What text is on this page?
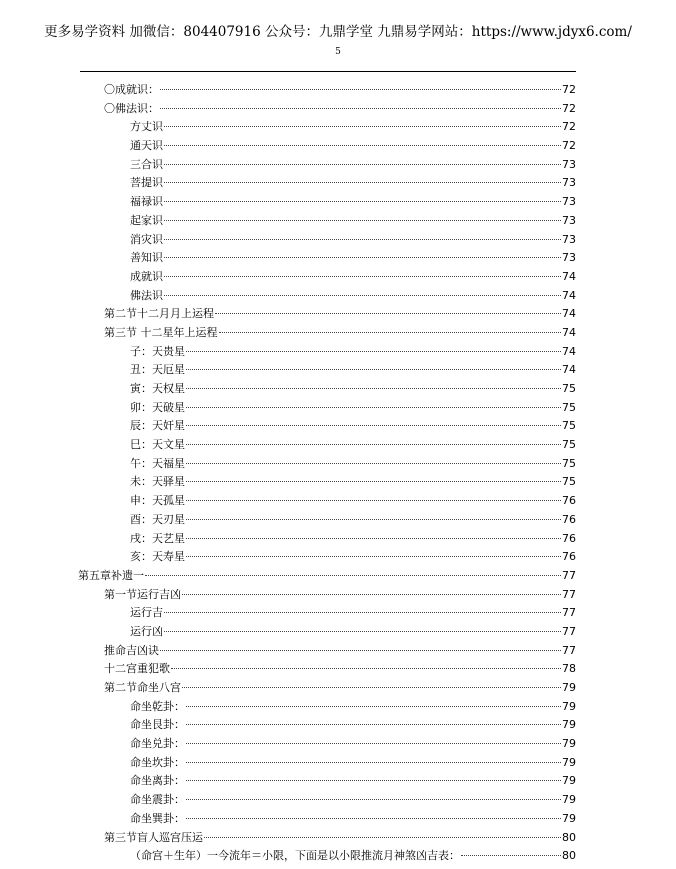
更多易学资料 加微信：804407916 公众号：九鼎学堂 九鼎易学网站：https://www.jdyx6.com/
5
〇成就识：	72
〇佛法识：	72
方丈识	72
通天识	72
三合识	73
菩提识	73
福禄识	73
起家识	73
消灾识	73
善知识	73
成就识	74
佛法识	74
第二节十二月月上运程	74
第三节 十二星年上运程	74
子：天贵星	74
丑：天厄星	74
寅：天权星	75
卯：天破星	75
辰：天奸星	75
巳：天文星	75
午：天福星	75
未：天驿星	75
申：天孤星	76
酉：天刃星	76
戌：天艺星	76
亥：天寿星	76
第五章补遗一	77
第一节运行吉凶	77
运行吉	77
运行凶	77
推命吉凶诀	77
十二宫重犯歌	78
第二节命坐八宫	79
命坐乾卦：	79
命坐艮卦：	79
命坐兑卦：	79
命坐坎卦：	79
命坐离卦：	79
命坐震卦：	79
命坐巽卦：	79
第三节盲人巡宫压运	80
（命宫＋生年）一今流年＝小限，下面是以小限推流月神煞凶吉表：	80
